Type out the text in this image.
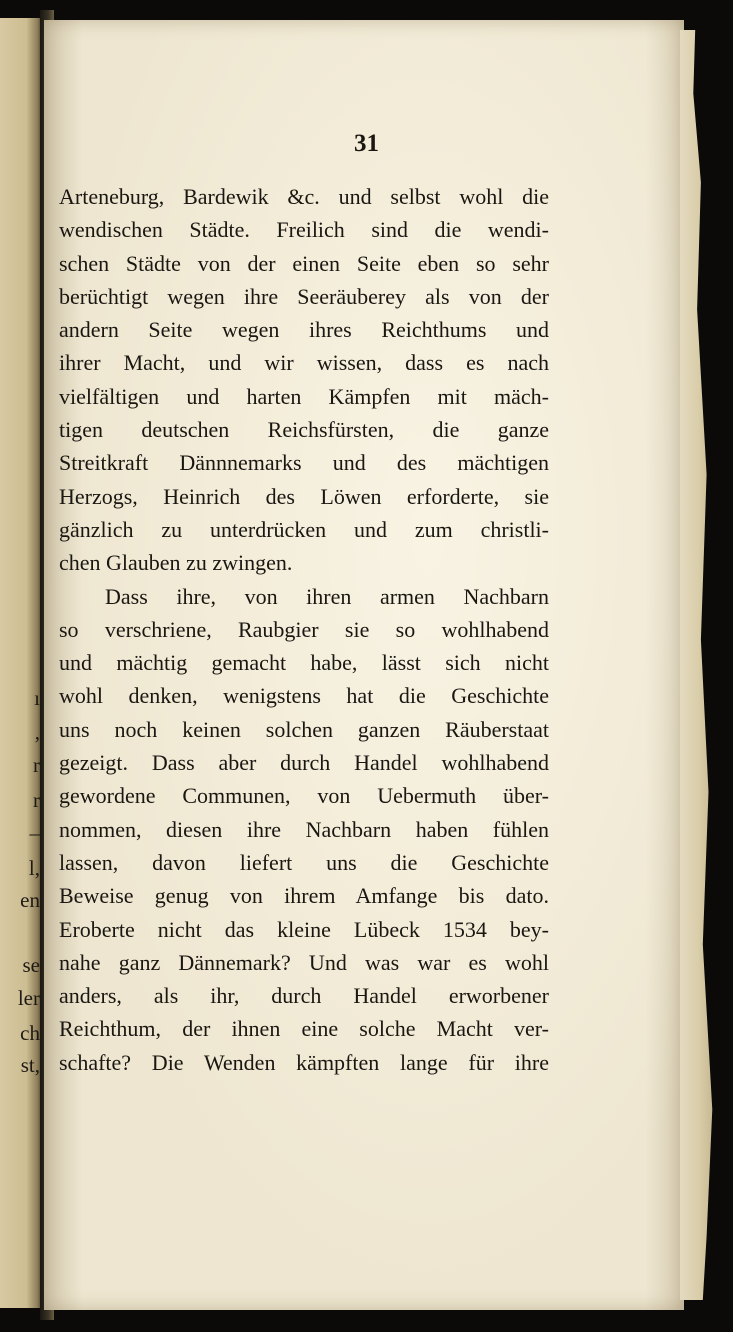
ı
,
r
r
–
l,
en
se
ler
ch
st,
31
Arteneburg, Bardewik &c. und selbst wohl die
wendischen Städte. Freilich sind die wendi-
schen Städte von der einen Seite eben so sehr
berüchtigt wegen ihre Seeräuberey als von der
andern Seite wegen ihres Reichthums und
ihrer Macht, und wir wissen, dass es nach
vielfältigen und harten Kämpfen mit mäch-
tigen deutschen Reichsfürsten, die ganze
Streitkraft Dännnemarks und des mächtigen
Herzogs, Heinrich des Löwen erforderte, sie
gänzlich zu unterdrücken und zum christli-
chen Glauben zu zwingen.
Dass ihre, von ihren armen Nachbarn
so verschriene, Raubgier sie so wohlhabend
und mächtig gemacht habe, lässt sich nicht
wohl denken, wenigstens hat die Geschichte
uns noch keinen solchen ganzen Räuberstaat
gezeigt. Dass aber durch Handel wohlhabend
gewordene Communen, von Uebermuth über-
nommen, diesen ihre Nachbarn haben fühlen
lassen, davon liefert uns die Geschichte
Beweise genug von ihrem Amfange bis dato.
Eroberte nicht das kleine Lübeck 1534 bey-
nahe ganz Dännemark? Und was war es wohl
anders, als ihr, durch Handel erworbener
Reichthum, der ihnen eine solche Macht ver-
schafte? Die Wenden kämpften lange für ihre
